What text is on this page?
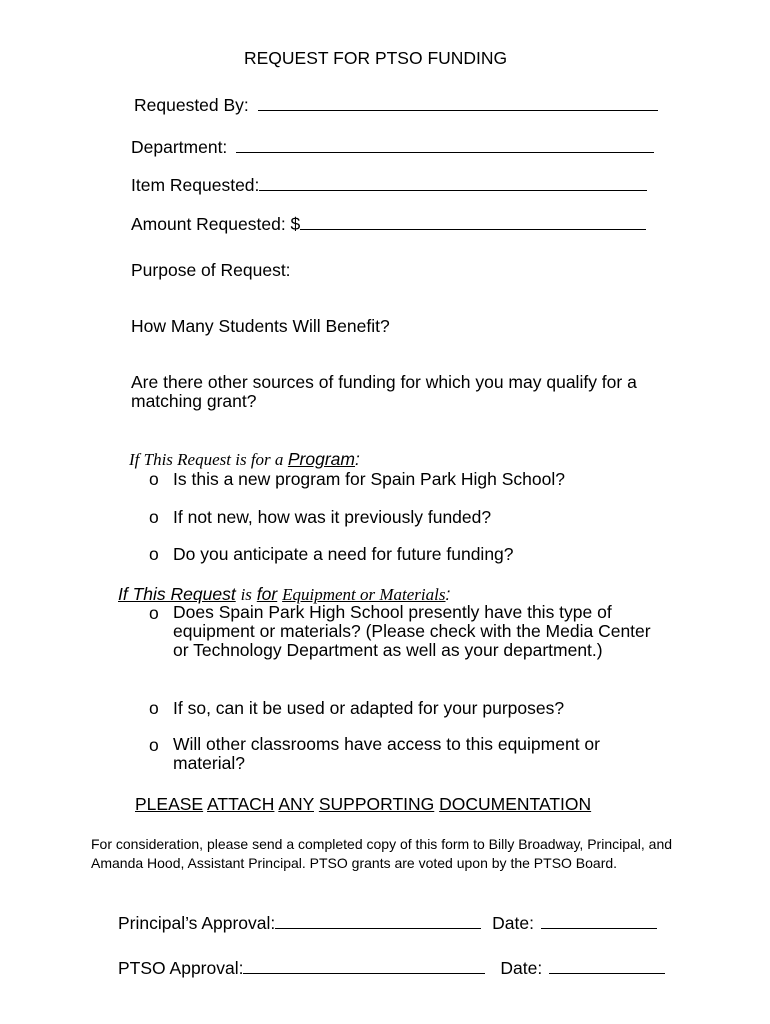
REQUEST FOR PTSO FUNDING
Requested By:
Department:
Item Requested:
Amount Requested: $
Purpose of Request:
How Many Students Will Benefit?
Are there other sources of funding for which you may qualify for a matching grant?
If This Request is for a Program:
o Is this a new program for Spain Park High School?
o If not new, how was it previously funded?
o Do you anticipate a need for future funding?
If This Request is for Equipment or Materials:
o Does Spain Park High School presently have this type of equipment or materials? (Please check with the Media Center or Technology Department as well as your department.)
o If so, can it be used or adapted for your purposes?
o Will other classrooms have access to this equipment or material?
PLEASE ATTACH ANY SUPPORTING DOCUMENTATION
For consideration, please send a completed copy of this form to Billy Broadway, Principal, and Amanda Hood, Assistant Principal. PTSO grants are voted upon by the PTSO Board.
Principal’s Approval:	Date:
PTSO Approval:	Date:
